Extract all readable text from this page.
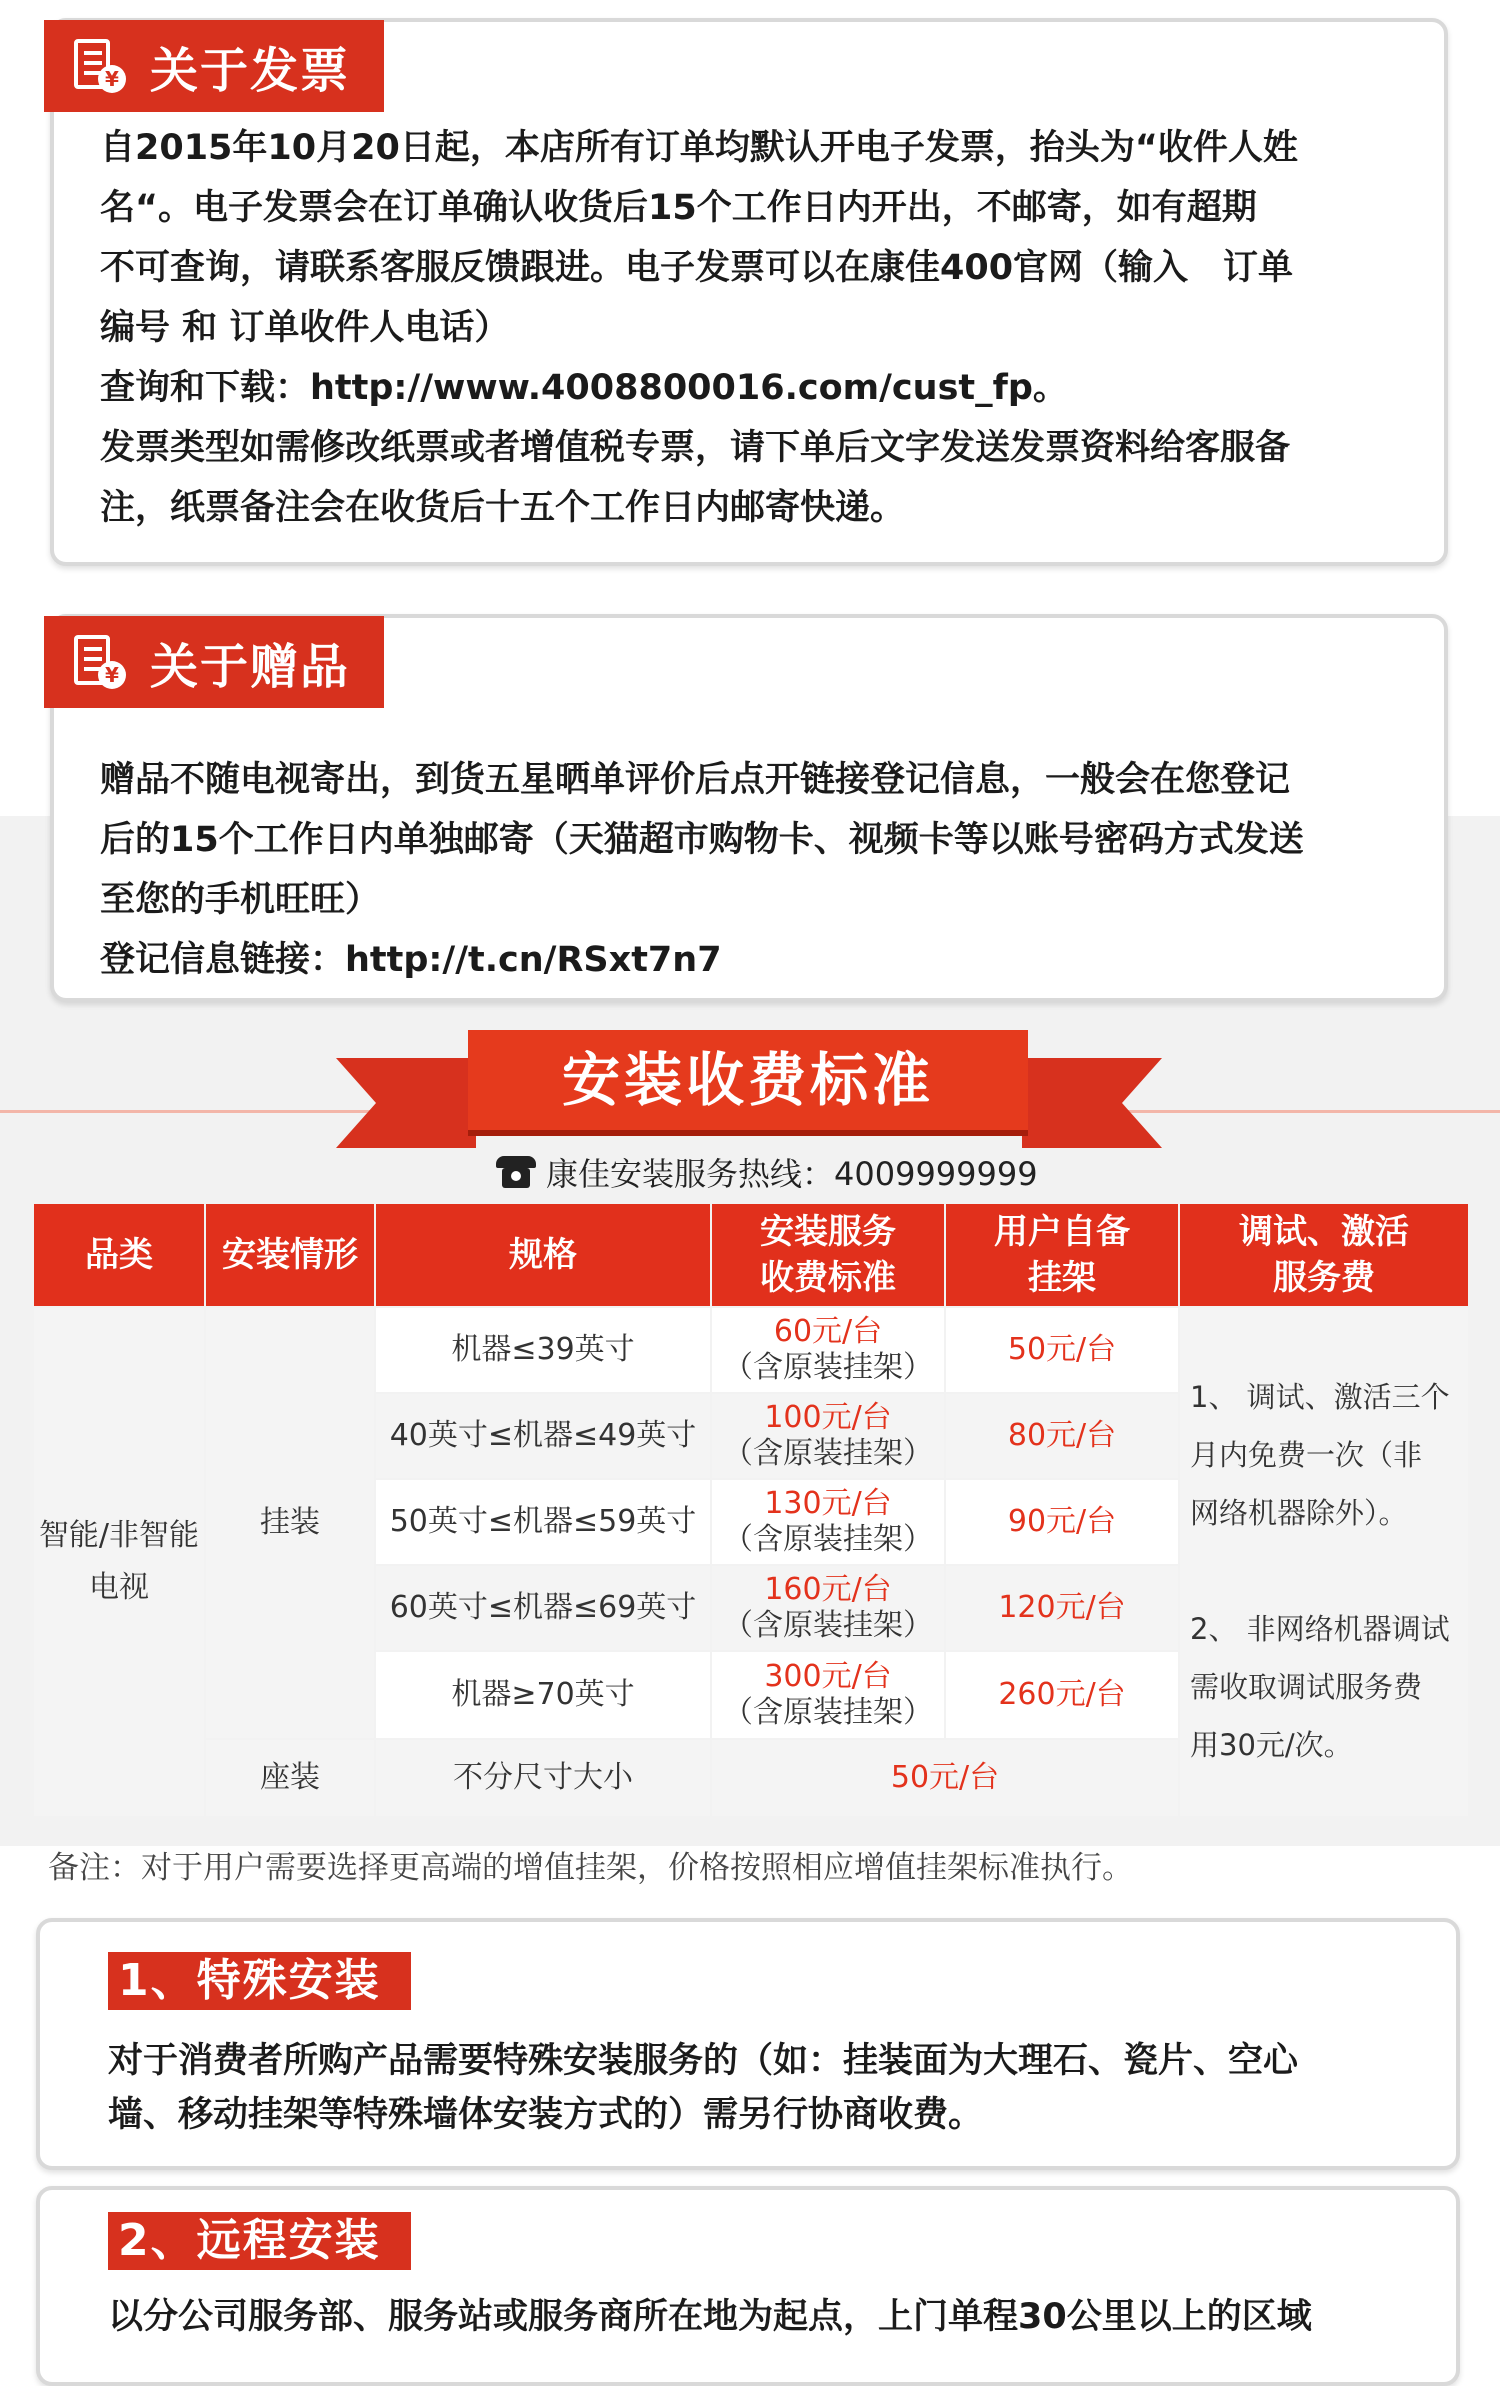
¥ 关于发票
自2015年10月20日起，本店所有订单均默认开电子发票，抬头为“收件人姓
名“。电子发票会在订单确认收货后15个工作日内开出，不邮寄，如有超期
不可查询，请联系客服反馈跟进。电子发票可以在康佳400官网（输入　订单
编号 和 订单收件人电话）
查询和下载：http://www.4008800016.com/cust_fp。
发票类型如需修改纸票或者增值税专票，请下单后文字发送发票资料给客服备
注，纸票备注会在收货后十五个工作日内邮寄快递。
¥ 关于赠品
赠品不随电视寄出，到货五星晒单评价后点开链接登记信息，一般会在您登记
后的15个工作日内单独邮寄（天猫超市购物卡、视频卡等以账号密码方式发送
至您的手机旺旺）
登记信息链接：http://t.cn/RSxt7n7
安装收费标准
康佳安装服务热线：4009999999
品类 安装情形	规格
安装服务
收费标准
用户自备
挂架
调试、激活
服务费
智能/非智能
电视
挂装
座装
机器≤39英寸
60元/台
（含原装挂架）
50元/台
40英寸≤机器≤49英寸
100元/台
（含原装挂架）
80元/台
50英寸≤机器≤59英寸
130元/台
（含原装挂架）
90元/台
60英寸≤机器≤69英寸
160元/台
（含原装挂架）
120元/台
机器≥70英寸
300元/台
（含原装挂架）
260元/台
不分尺寸大小	50元/台
1、 调试、激活三个
月内免费一次（非
网络机器除外）。
2、 非网络机器调试
需收取调试服务费
用30元/次。
备注：对于用户需要选择更高端的增值挂架，价格按照相应增值挂架标准执行。
1、特殊安装
对于消费者所购产品需要特殊安装服务的（如：挂装面为大理石、瓷片、空心
墙、移动挂架等特殊墙体安装方式的）需另行协商收费。
2、远程安装
以分公司服务部、服务站或服务商所在地为起点，上门单程30公里以上的区域
